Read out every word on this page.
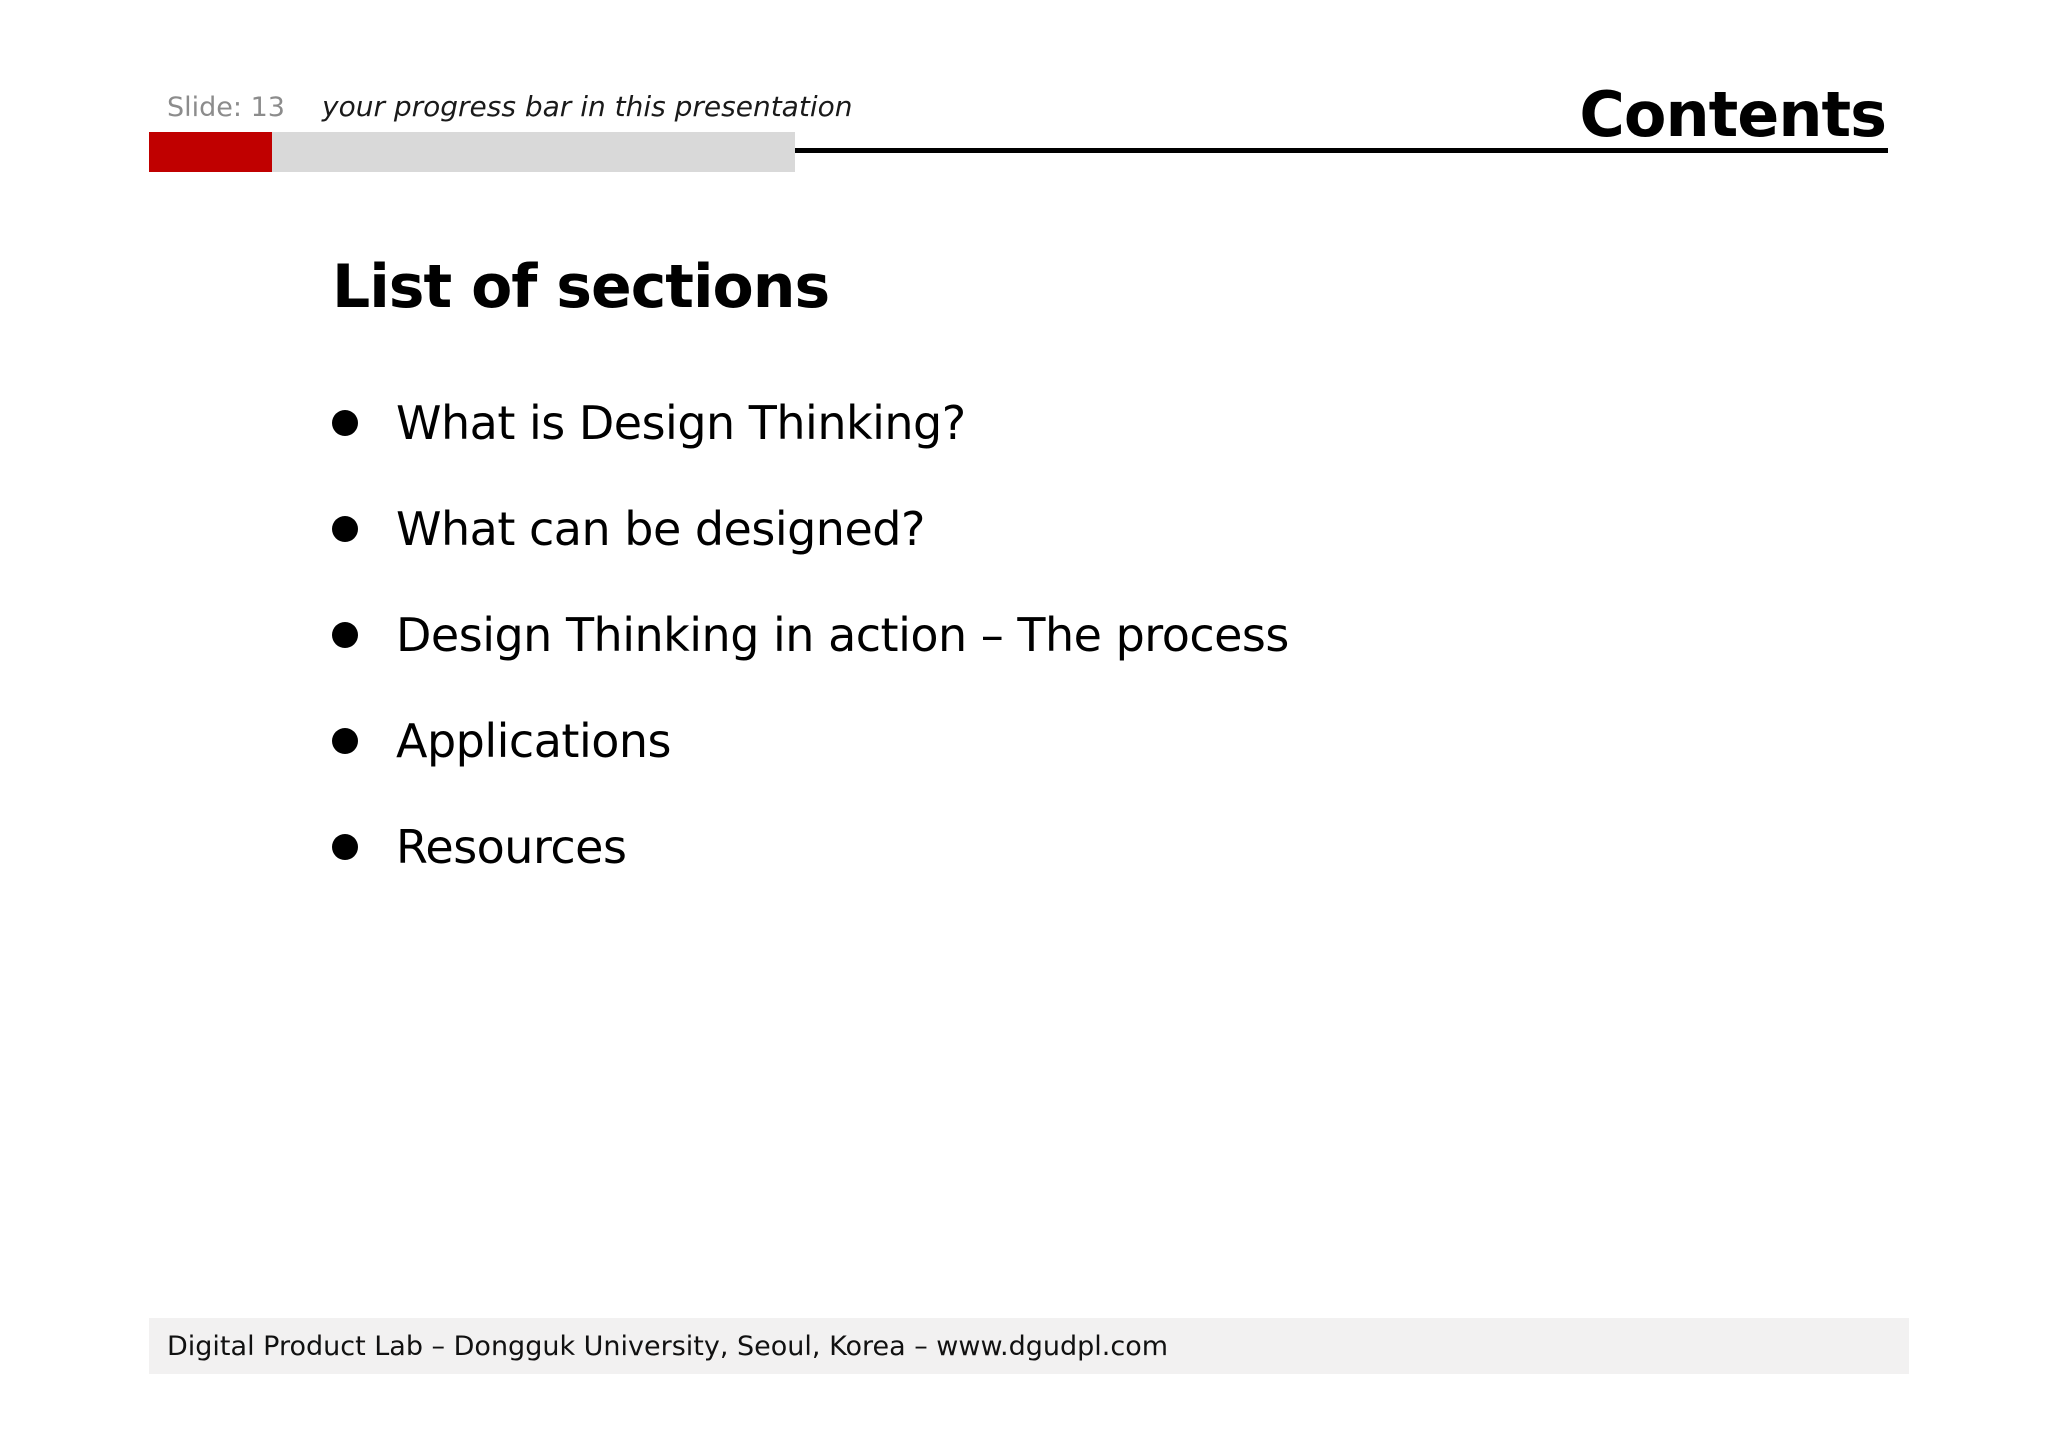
Slide: 13 your progress bar in this presentation	Contents
List of sections
What is Design Thinking?
What can be designed?
Design Thinking in action – The process
Applications
Resources
Digital Product Lab – Dongguk University, Seoul, Korea – www.dgudpl.com
